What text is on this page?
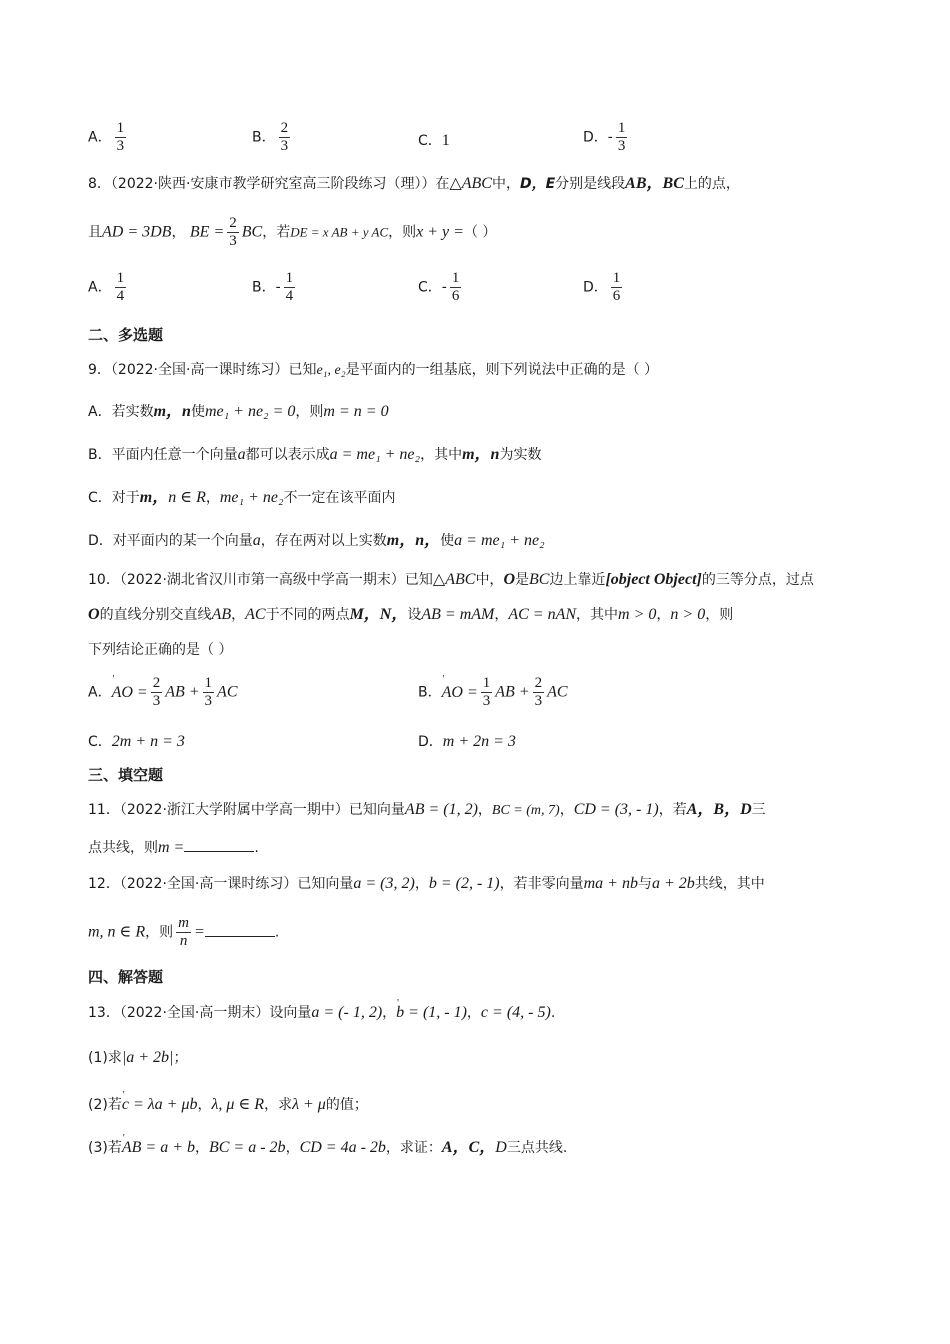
A． $\frac{1}{3}$	B． $\frac{2}{3}$	C．1	D．- $\frac{1}{3}$
8．（2022·陕西·安康市教学研究室高三阶段练习（理））在△ABC中，D，E分别是线段AB，BC上的点，
且AD = 3DB， BE = $\frac{2}{3}$ BC，若DE = x AB + y AC，则x + y =（ ）
A． $\frac{1}{4}$	B．- $\frac{1}{4}$	C．- $\frac{1}{6}$	D． $\frac{1}{6}$
二、多选题
9．（2022·全国·高一课时练习）已知e₁, e₂是平面内的一组基底，则下列说法中正确的是（ ）
A．若实数m，n使me₁ + ne₂ = 0，则m = n = 0
B．平面内任意一个向量a都可以表示成a = me₁ + ne₂，其中m，n为实数
C．对于m，n ∈ R，me₁ + ne₂不一定在该平面内
D．对平面内的某一个向量a，存在两对以上实数m，n，使a = me₁ + ne₂
10．（2022·湖北省汉川市第一高级中学高一期末）已知△ABC中，O是BC边上靠近[object Object]的三等分点，过点
O的直线分别交直线AB，AC于不同的两点M，N，设AB = mAM，AC = nAN，其中m > 0，n > 0，则
下列结论正确的是（ ）
A．' AO = $\frac{2}{3}$ AB + $\frac{1}{3}$ AC	B．' AO = $\frac{1}{3}$ AB + $\frac{2}{3}$ AC
C．2m + n = 3	D．m + 2n = 3
三、填空题
11．（2022·浙江大学附属中学高一期中）已知向量AB = (1, 2)，BC = (m, 7)，CD = (3, - 1)，若A，B，D三
点共线，则m =	.
12．（2022·全国·高一课时练习）已知向量a = (3, 2)，b = (2, - 1)，若非零向量ma + nb与a + 2b共线，其中
m, n ∈ R，则 $\frac{m}{n}$ =	.
四、解答题
13．（2022·全国·高一期末）设向量a = (- 1, 2)，' b = (1, - 1)，c = (4, - 5).
(1)求|a + 2b|；
(2)若' c = λa + μb，λ, μ ∈ R，求λ + μ的值；
(3)若' AB = a + b，BC = a - 2b，CD = 4a - 2b，求证：A，C，D三点共线.
